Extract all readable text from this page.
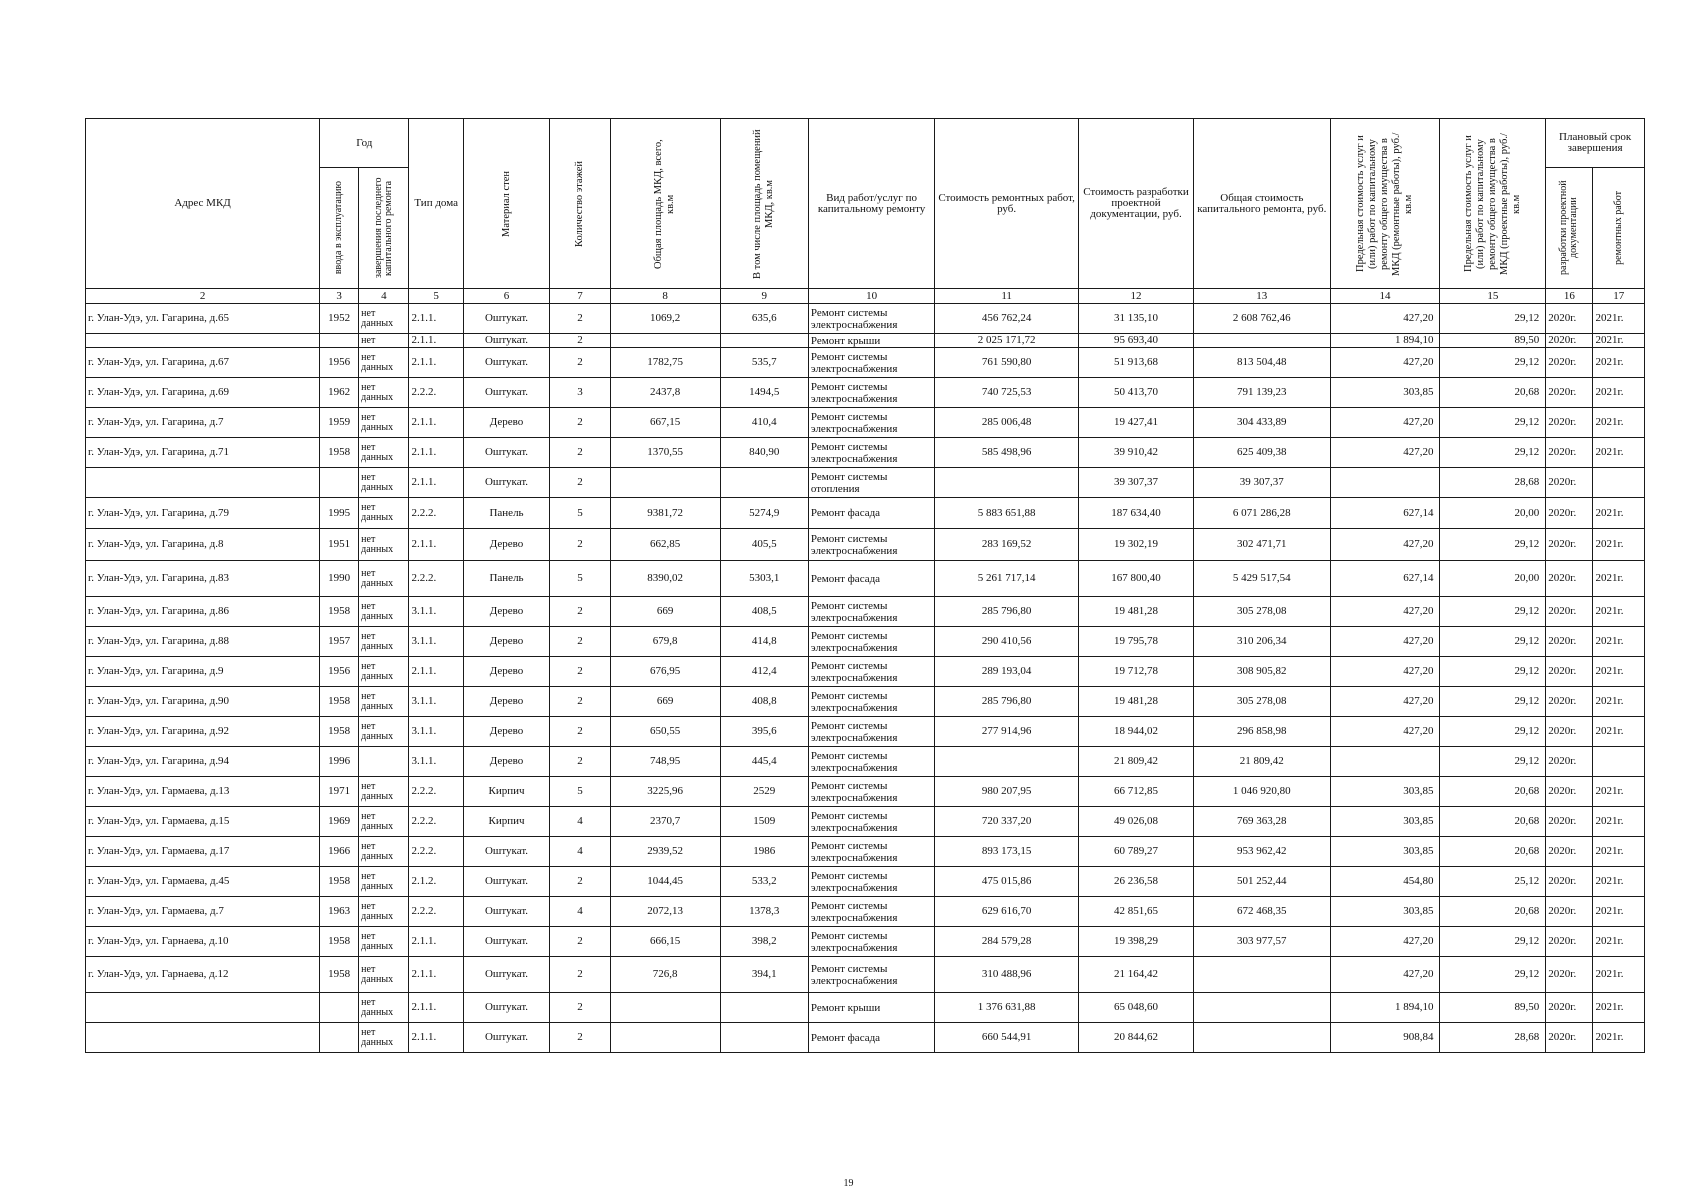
Адрес МКД	Год		Тип дома	Материал стен	Количество этажей	Общая площадь МКД, всего, кв.м	В том числе площадь помещений МКД, кв.м	Вид работ/услуг по капитальному ремонту	Стоимость ремонтных работ, руб.	Стоимость разработки проектной документации, руб.	Общая стоимость капитального ремонта, руб.	Предельная стоимость услуг и (или) работ по капитальному ремонту общего имущества в МКД (ремонтные работы), руб./кв.м	Предельная стоимость услуг и (или) работ по капитальному ремонту общего имущества в МКД (проектные работы), руб./кв.м	Плановый срок завершения	

	ввода в эксплуатацию	завершения последнего капитального ремонта												разработки проектной документации	ремонтных работ

2	3	4	5	6	7	8	9	10	11	12	13	14	15	16	17
г. Улан-Удэ, ул. Гагарина, д.65	1952	нет данных	2.1.1.	Оштукат.	2	1069,2	635,6	Ремонт системы электроснабжения	456 762,24	31 135,10	2 608 762,46	427,20	29,12	2020г.	2021г.
		нет	2.1.1.	Оштукат.	2			Ремонт крыши	2 025 171,72	95 693,40		1 894,10	89,50	2020г.	2021г.
г. Улан-Удэ, ул. Гагарина, д.67	1956	нет данных	2.1.1.	Оштукат.	2	1782,75	535,7	Ремонт системы электроснабжения	761 590,80	51 913,68	813 504,48	427,20	29,12	2020г.	2021г.
г. Улан-Удэ, ул. Гагарина, д.69	1962	нет данных	2.2.2.	Оштукат.	3	2437,8	1494,5	Ремонт системы электроснабжения	740 725,53	50 413,70	791 139,23	303,85	20,68	2020г.	2021г.
г. Улан-Удэ, ул. Гагарина, д.7	1959	нет данных	2.1.1.	Дерево	2	667,15	410,4	Ремонт системы электроснабжения	285 006,48	19 427,41	304 433,89	427,20	29,12	2020г.	2021г.
г. Улан-Удэ, ул. Гагарина, д.71	1958	нет данных	2.1.1.	Оштукат.	2	1370,55	840,90	Ремонт системы электроснабжения	585 498,96	39 910,42	625 409,38	427,20	29,12	2020г.	2021г.
		нет данных	2.1.1.	Оштукат.	2			Ремонт системы отопления		39 307,37	39 307,37		28,68	2020г.	
г. Улан-Удэ, ул. Гагарина, д.79	1995	нет данных	2.2.2.	Панель	5	9381,72	5274,9	Ремонт фасада	5 883 651,88	187 634,40	6 071 286,28	627,14	20,00	2020г.	2021г.
г. Улан-Удэ, ул. Гагарина, д.8	1951	нет данных	2.1.1.	Дерево	2	662,85	405,5	Ремонт системы электроснабжения	283 169,52	19 302,19	302 471,71	427,20	29,12	2020г.	2021г.
г. Улан-Удэ, ул. Гагарина, д.83	1990	нет данных	2.2.2.	Панель	5	8390,02	5303,1	Ремонт фасада	5 261 717,14	167 800,40	5 429 517,54	627,14	20,00	2020г.	2021г.
г. Улан-Удэ, ул. Гагарина, д.86	1958	нет данных	3.1.1.	Дерево	2	669	408,5	Ремонт системы электроснабжения	285 796,80	19 481,28	305 278,08	427,20	29,12	2020г.	2021г.
г. Улан-Удэ, ул. Гагарина, д.88	1957	нет данных	3.1.1.	Дерево	2	679,8	414,8	Ремонт системы электроснабжения	290 410,56	19 795,78	310 206,34	427,20	29,12	2020г.	2021г.
г. Улан-Удэ, ул. Гагарина, д.9	1956	нет данных	2.1.1.	Дерево	2	676,95	412,4	Ремонт системы электроснабжения	289 193,04	19 712,78	308 905,82	427,20	29,12	2020г.	2021г.
г. Улан-Удэ, ул. Гагарина, д.90	1958	нет данных	3.1.1.	Дерево	2	669	408,8	Ремонт системы электроснабжения	285 796,80	19 481,28	305 278,08	427,20	29,12	2020г.	2021г.
г. Улан-Удэ, ул. Гагарина, д.92	1958	нет данных	3.1.1.	Дерево	2	650,55	395,6	Ремонт системы электроснабжения	277 914,96	18 944,02	296 858,98	427,20	29,12	2020г.	2021г.
г. Улан-Удэ, ул. Гагарина, д.94	1996		3.1.1.	Дерево	2	748,95	445,4	Ремонт системы электроснабжения		21 809,42	21 809,42		29,12	2020г.	
г. Улан-Удэ, ул. Гармаева, д.13	1971	нет данных	2.2.2.	Кирпич	5	3225,96	2529	Ремонт системы электроснабжения	980 207,95	66 712,85	1 046 920,80	303,85	20,68	2020г.	2021г.
г. Улан-Удэ, ул. Гармаева, д.15	1969	нет данных	2.2.2.	Кирпич	4	2370,7	1509	Ремонт системы электроснабжения	720 337,20	49 026,08	769 363,28	303,85	20,68	2020г.	2021г.
г. Улан-Удэ, ул. Гармаева, д.17	1966	нет данных	2.2.2.	Оштукат.	4	2939,52	1986	Ремонт системы электроснабжения	893 173,15	60 789,27	953 962,42	303,85	20,68	2020г.	2021г.
г. Улан-Удэ, ул. Гармаева, д.45	1958	нет данных	2.1.2.	Оштукат.	2	1044,45	533,2	Ремонт системы электроснабжения	475 015,86	26 236,58	501 252,44	454,80	25,12	2020г.	2021г.
г. Улан-Удэ, ул. Гармаева, д.7	1963	нет данных	2.2.2.	Оштукат.	4	2072,13	1378,3	Ремонт системы электроснабжения	629 616,70	42 851,65	672 468,35	303,85	20,68	2020г.	2021г.
г. Улан-Удэ, ул. Гарнаева, д.10	1958	нет данных	2.1.1.	Оштукат.	2	666,15	398,2	Ремонт системы электроснабжения	284 579,28	19 398,29	303 977,57	427,20	29,12	2020г.	2021г.
г. Улан-Удэ, ул. Гарнаева, д.12	1958	нет данных	2.1.1.	Оштукат.	2	726,8	394,1	Ремонт системы электроснабжения	310 488,96	21 164,42		427,20	29,12	2020г.	2021г.
		нет данных	2.1.1.	Оштукат.	2			Ремонт крыши	1 376 631,88	65 048,60		1 894,10	89,50	2020г.	2021г.
		нет данных	2.1.1.	Оштукат.	2			Ремонт фасада	660 544,91	20 844,62		908,84	28,68	2020г.	2021г.
19
